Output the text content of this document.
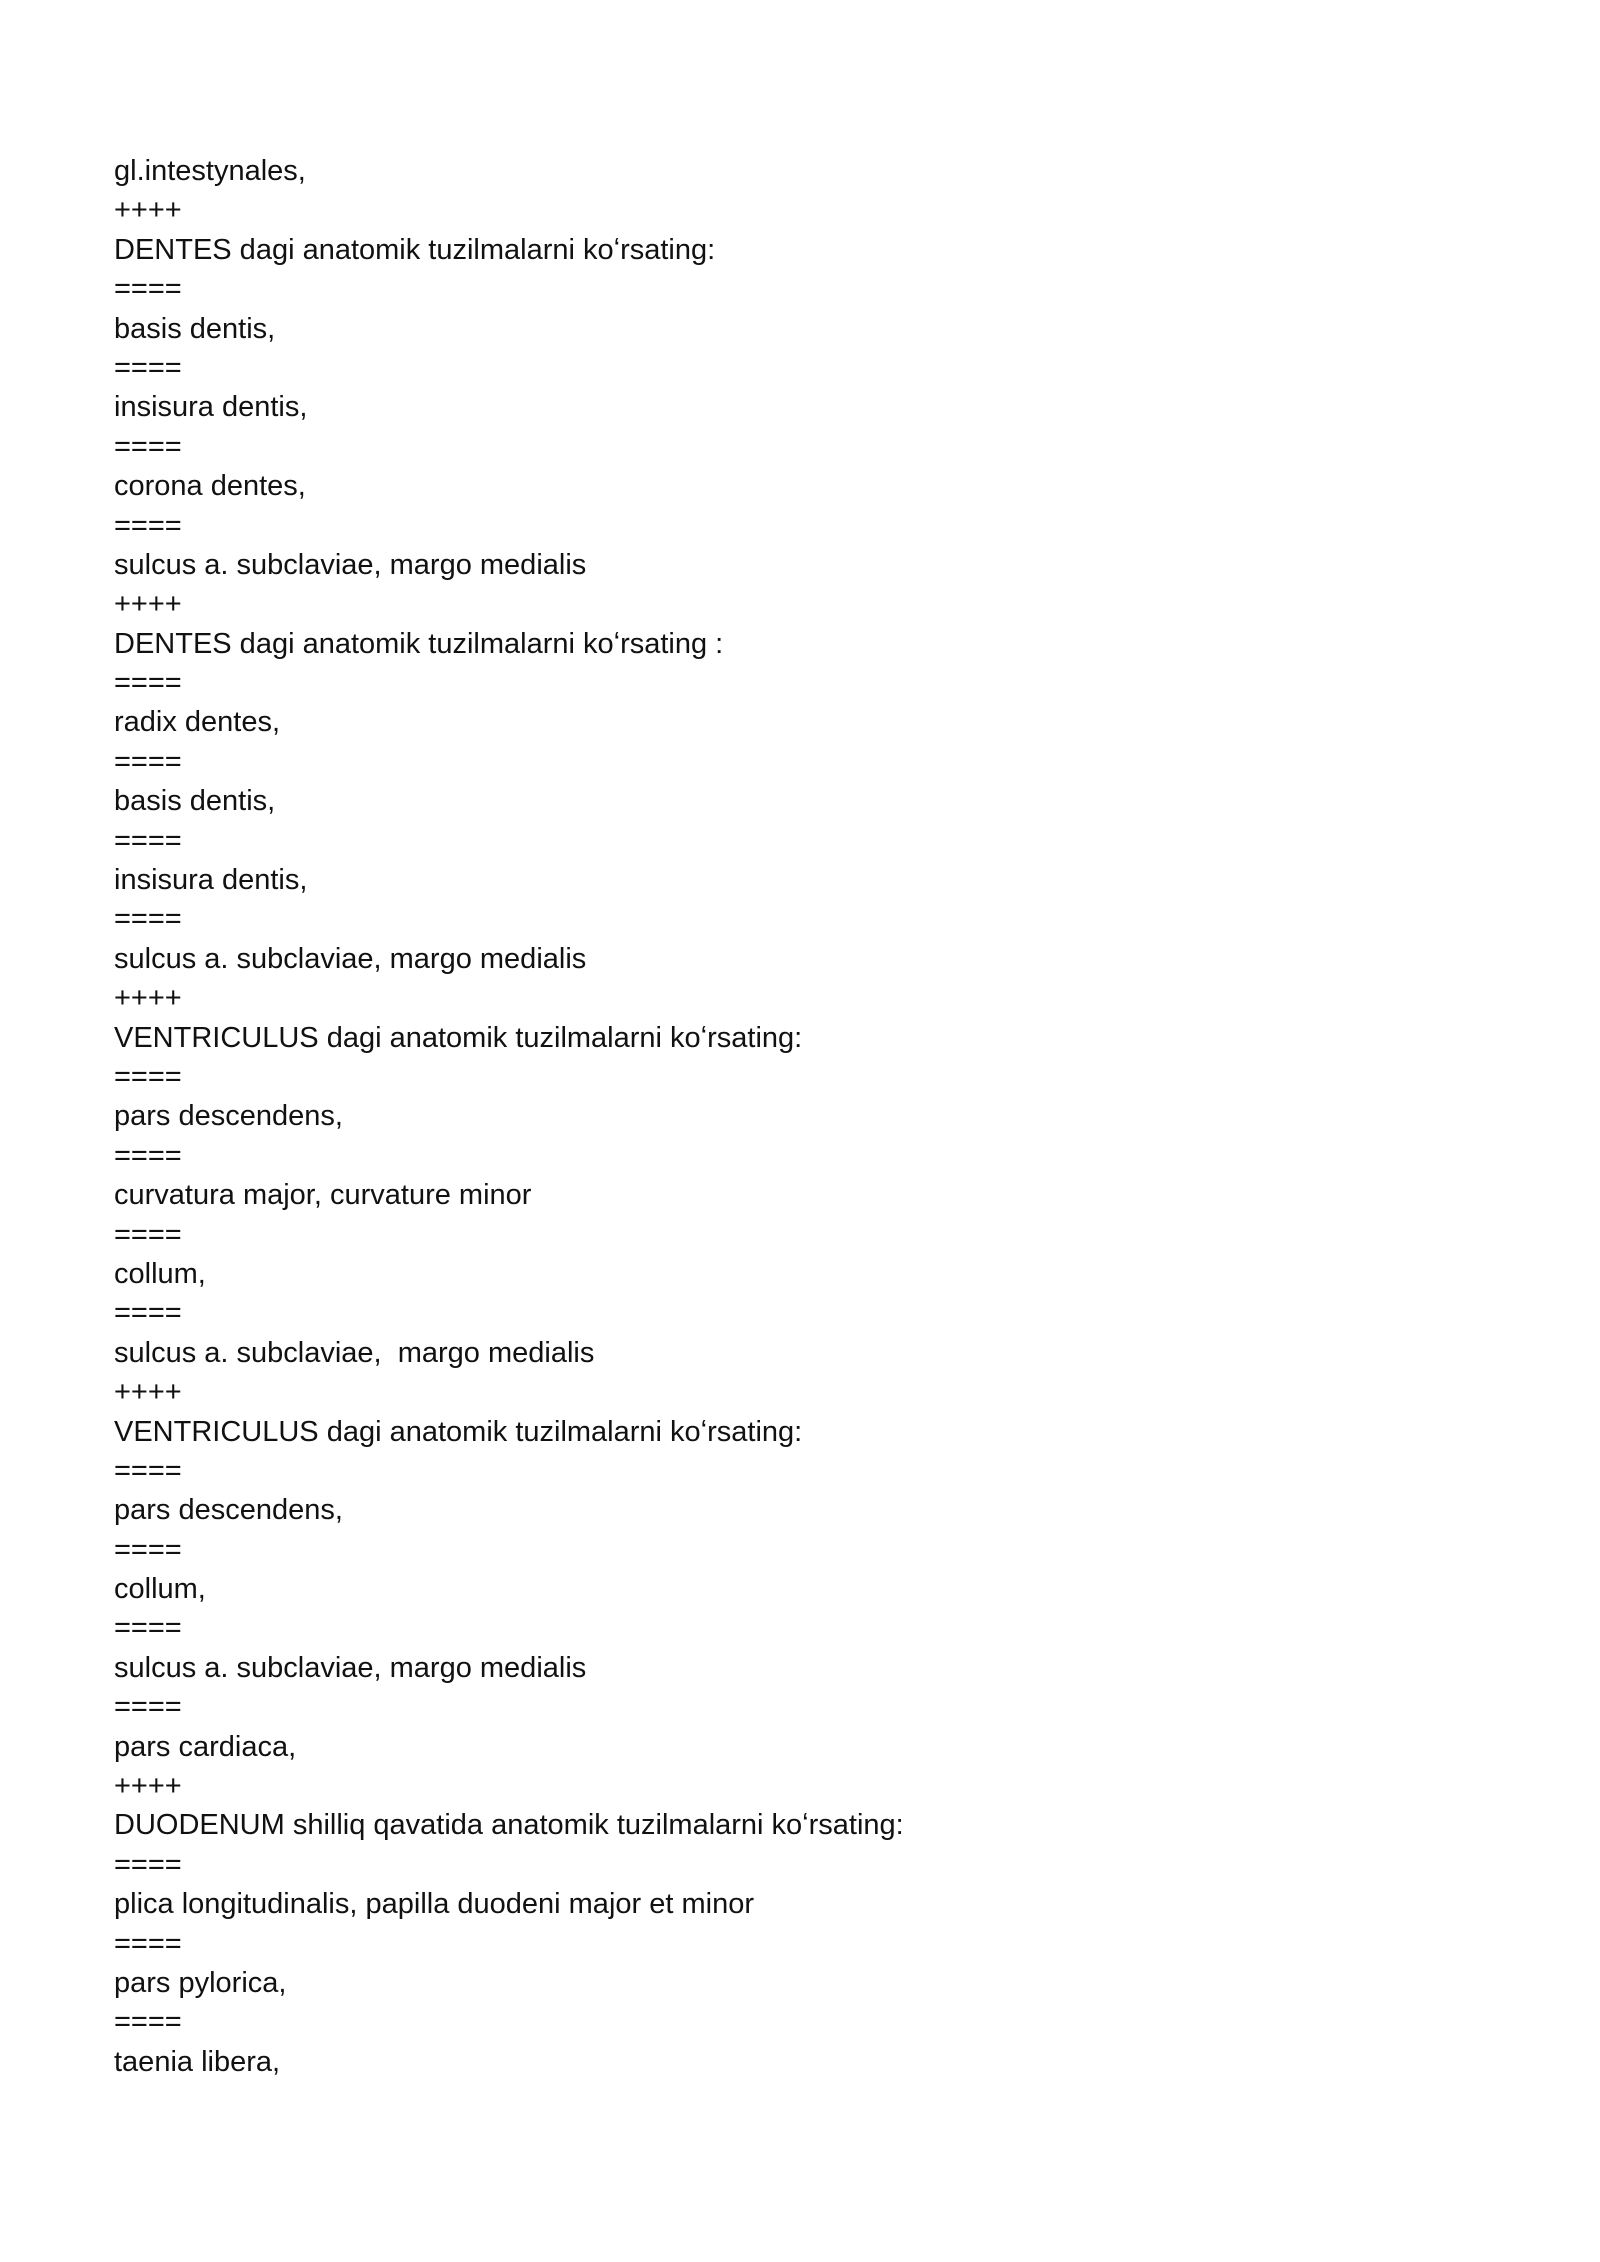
gl.intestynales,

++++

DENTES dagi anatomik tuzilmalarni koʻrsating:

====

basis dentis,

====

insisura dentis,

====

corona dentes,

====

sulcus a. subclaviae, margo medialis

++++

DENTES dagi anatomik tuzilmalarni koʻrsating :

====

radix dentes,

====

basis dentis,

====

insisura dentis,

====

sulcus a. subclaviae, margo medialis

++++

VENTRICULUS dagi anatomik tuzilmalarni koʻrsating:

====

pars descendens,

====

curvatura major, curvature minor

====

collum,

====

sulcus a. subclaviae,  margo medialis

++++

VENTRICULUS dagi anatomik tuzilmalarni koʻrsating:

====

pars descendens,

====

collum,

====

sulcus a. subclaviae, margo medialis

====

pars cardiaca,

++++

DUODENUM shilliq qavatida anatomik tuzilmalarni koʻrsating:

====

plica longitudinalis, papilla duodeni major et minor

====

pars pylorica,

====

taenia libera,
